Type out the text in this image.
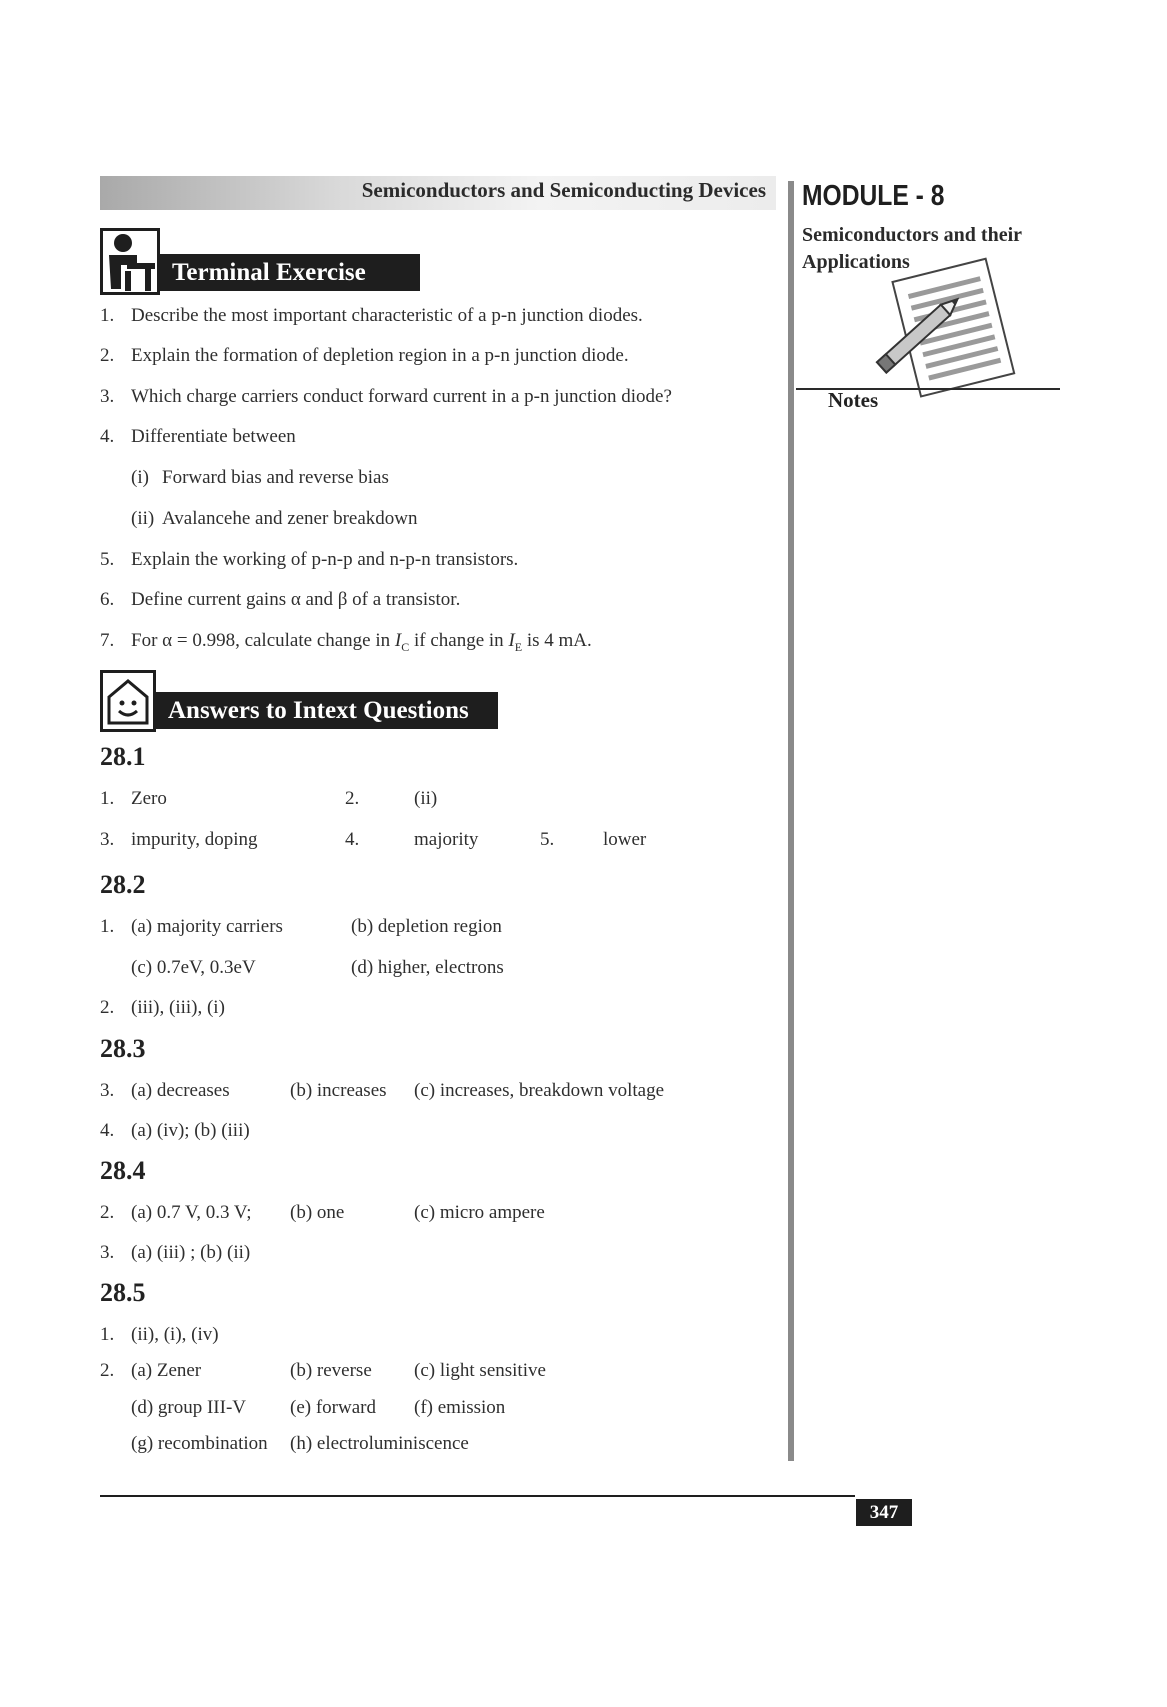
Semiconductors and Semiconducting Devices	MODULE - 8
Semiconductors and their Applications
Notes
Terminal Exercise
1. Describe the most important characteristic of a p-n junction diodes.
2. Explain the formation of depletion region in a p-n junction diode.
3. Which charge carriers conduct forward current in a p-n junction diode?
4. Differentiate between
(i) Forward bias and reverse bias
(ii) Avalancehe and zener breakdown
5. Explain the working of p-n-p and n-p-n transistors.
6. Define current gains α and β of a transistor.
7. For α = 0.998, calculate change in $I_C$ if change in $I_E$ is 4 mA.
Answers to Intext Questions
28.1
1. Zero	2.	(ii)
3. impurity, doping	4.	majority	5.	lower
28.2
1. (a) majority carriers	(b) depletion region
(c) 0.7eV, 0.3eV	(d) higher, electrons
2. (iii), (iii), (i)
28.3
3. (a) decreases	(b) increases (c) increases, breakdown voltage
4. (a) (iv); (b) (iii)
28.4
2. (a) 0.7 V, 0.3 V; (b) one	(c) micro ampere
3. (a) (iii) ; (b) (ii)
28.5
1. (ii), (i), (iv)
2. (a) Zener	(b) reverse (c) light sensitive
(d) group III-V (e) forward (f) emission
(g) recombination (h) electroluminiscence
347
